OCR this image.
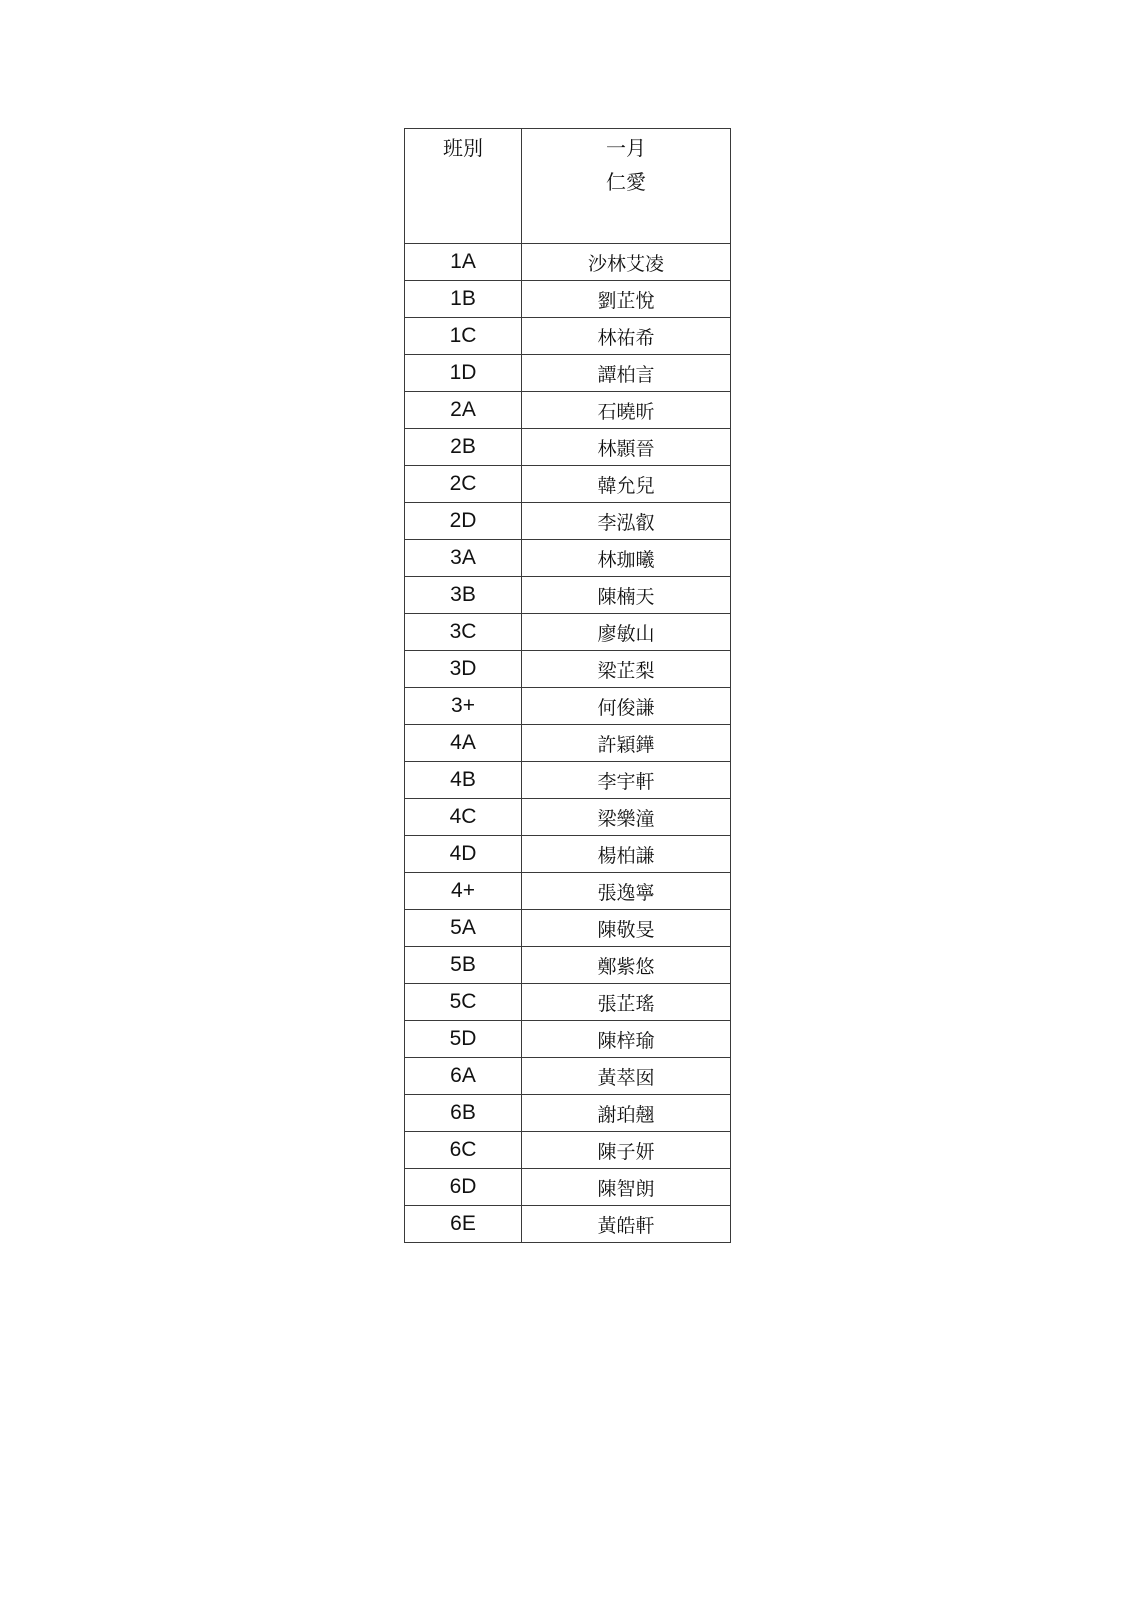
班別	一月
仁愛

1A	沙林艾凌
1B	劉芷悅
1C	林祐希
1D	譚柏言
2A	石曉昕
2B	林顥晉
2C	韓允兒
2D	李泓叡
3A	林珈曦
3B	陳楠天
3C	廖敏山
3D	梁芷梨
3+	何俊謙
4A	許穎鏵
4B	李宇軒
4C	梁樂潼
4D	楊柏謙
4+	張逸寧
5A	陳敬旻
5B	鄭紫悠
5C	張芷瑤
5D	陳梓瑜
6A	黃萃囡
6B	謝珀翹
6C	陳子妍
6D	陳智朗
6E	黃皓軒
